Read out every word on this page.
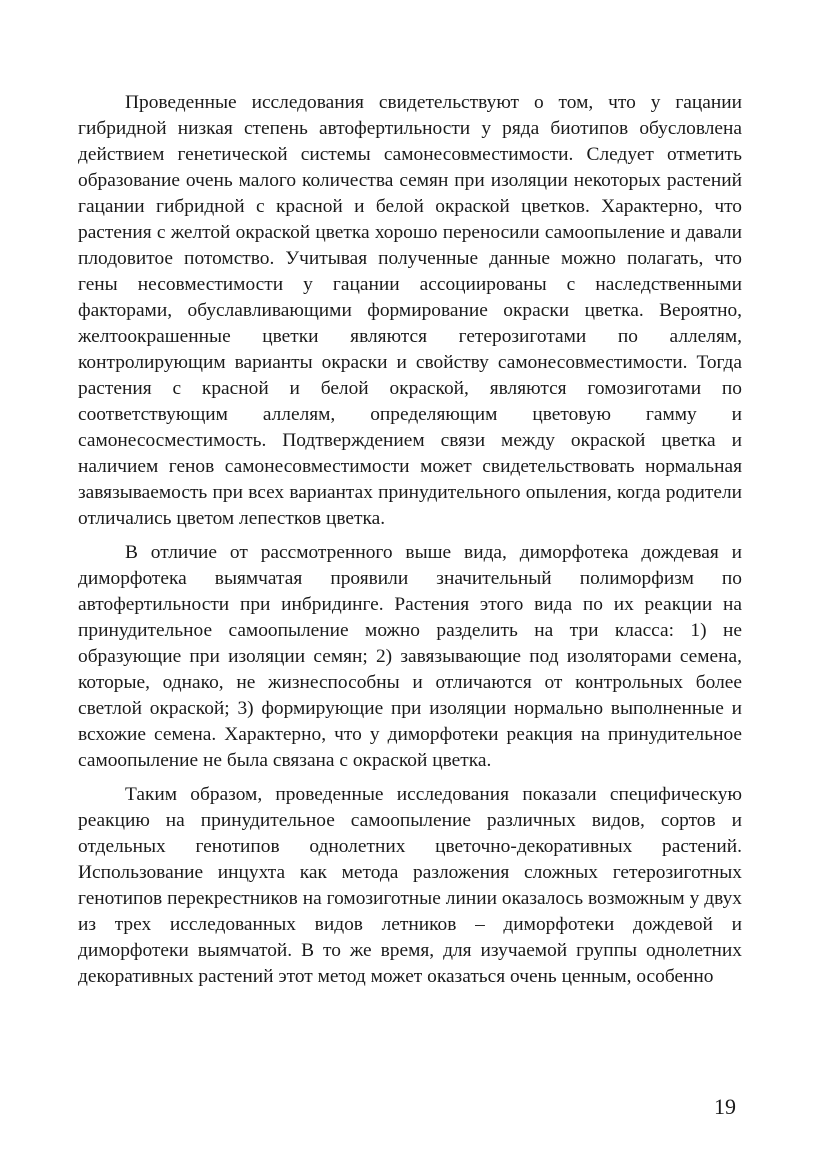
Проведенные исследования свидетельствуют о том, что у гацании гибридной низкая степень автофертильности у ряда биотипов обусловлена действием генетической системы самонесовместимости. Следует отметить образование очень малого количества семян при изоляции некоторых растений гацании гибридной с красной и белой окраской цветков. Характерно, что растения с желтой окраской цветка хорошо переносили самоопыление и давали плодовитое потомство. Учитывая полученные данные можно полагать, что гены несовместимости у гацании ассоциированы с наследственными факторами, обуславливающими формирование окраски цветка. Вероятно, желтоокрашенные цветки являются гетерозиготами по аллелям, контролирующим варианты окраски и свойству самонесовместимости. Тогда растения с красной и белой окраской, являются гомозиготами по соответствующим аллелям, определяющим цветовую гамму и самонесосместимость. Подтверждением связи между окраской цветка и наличием генов самонесовместимости может свидетельствовать нормальная завязываемость при всех вариантах принудительного опыления, когда родители отличались цветом лепестков цветка.

В отличие от рассмотренного выше вида, диморфотека дождевая и диморфотека выямчатая проявили значительный полиморфизм по автофертильности при инбридинге. Растения этого вида по их реакции на принудительное самоопыление можно разделить на три класса: 1) не образующие при изоляции семян; 2) завязывающие под изоляторами семена, которые, однако, не жизнеспособны и отличаются от контрольных более светлой окраской; 3) формирующие при изоляции нормально выполненные и всхожие семена. Характерно, что у диморфотеки реакция на принудительное самоопыление не была связана с окраской цветка.

Таким образом, проведенные исследования показали специфическую реакцию на принудительное самоопыление различных видов, сортов и отдельных генотипов однолетних цветочно-декоративных растений. Использование инцухта как метода разложения сложных гетерозиготных генотипов перекрестников на гомозиготные линии оказалось возможным у двух из трех исследованных видов летников – диморфотеки дождевой и диморфотеки выямчатой. В то же время, для изучаемой группы однолетних декоративных растений этот метод может оказаться очень ценным, особенно

19
